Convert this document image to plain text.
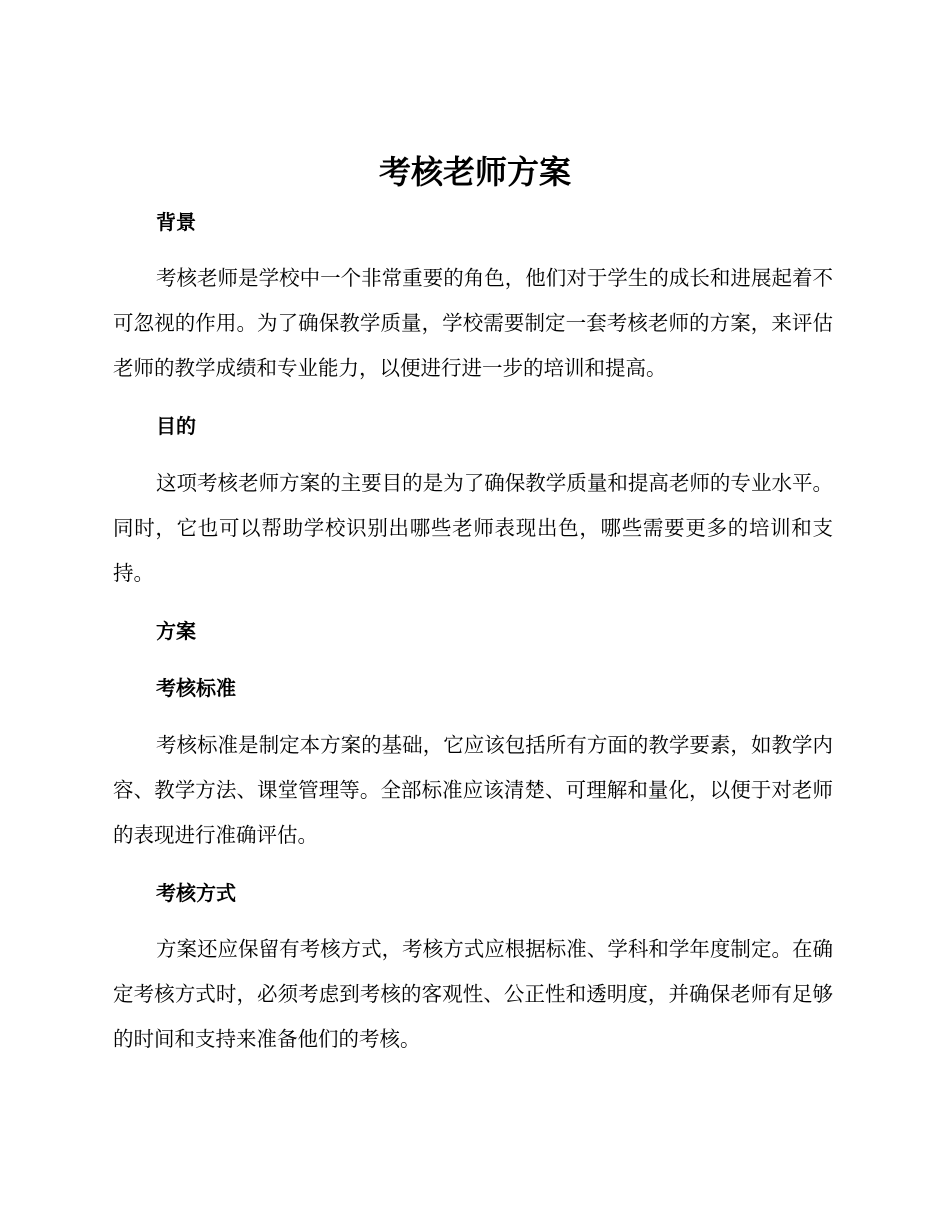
考核老师方案
背景

考核老师是学校中一个非常重要的角色，他们对于学生的成长和进展起着不可忽视的作用。为了确保教学质量，学校需要制定一套考核老师的方案，来评估老师的教学成绩和专业能力，以便进行进一步的培训和提高。

目的

这项考核老师方案的主要目的是为了确保教学质量和提高老师的专业水平。同时，它也可以帮助学校识别出哪些老师表现出色，哪些需要更多的培训和支持。

方案
考核标准

考核标准是制定本方案的基础，它应该包括所有方面的教学要素，如教学内容、教学方法、课堂管理等。全部标准应该清楚、可理解和量化，以便于对老师的表现进行准确评估。

考核方式

方案还应保留有考核方式，考核方式应根据标准、学科和学年度制定。在确定考核方式时，必须考虑到考核的客观性、公正性和透明度，并确保老师有足够的时间和支持来准备他们的考核。
